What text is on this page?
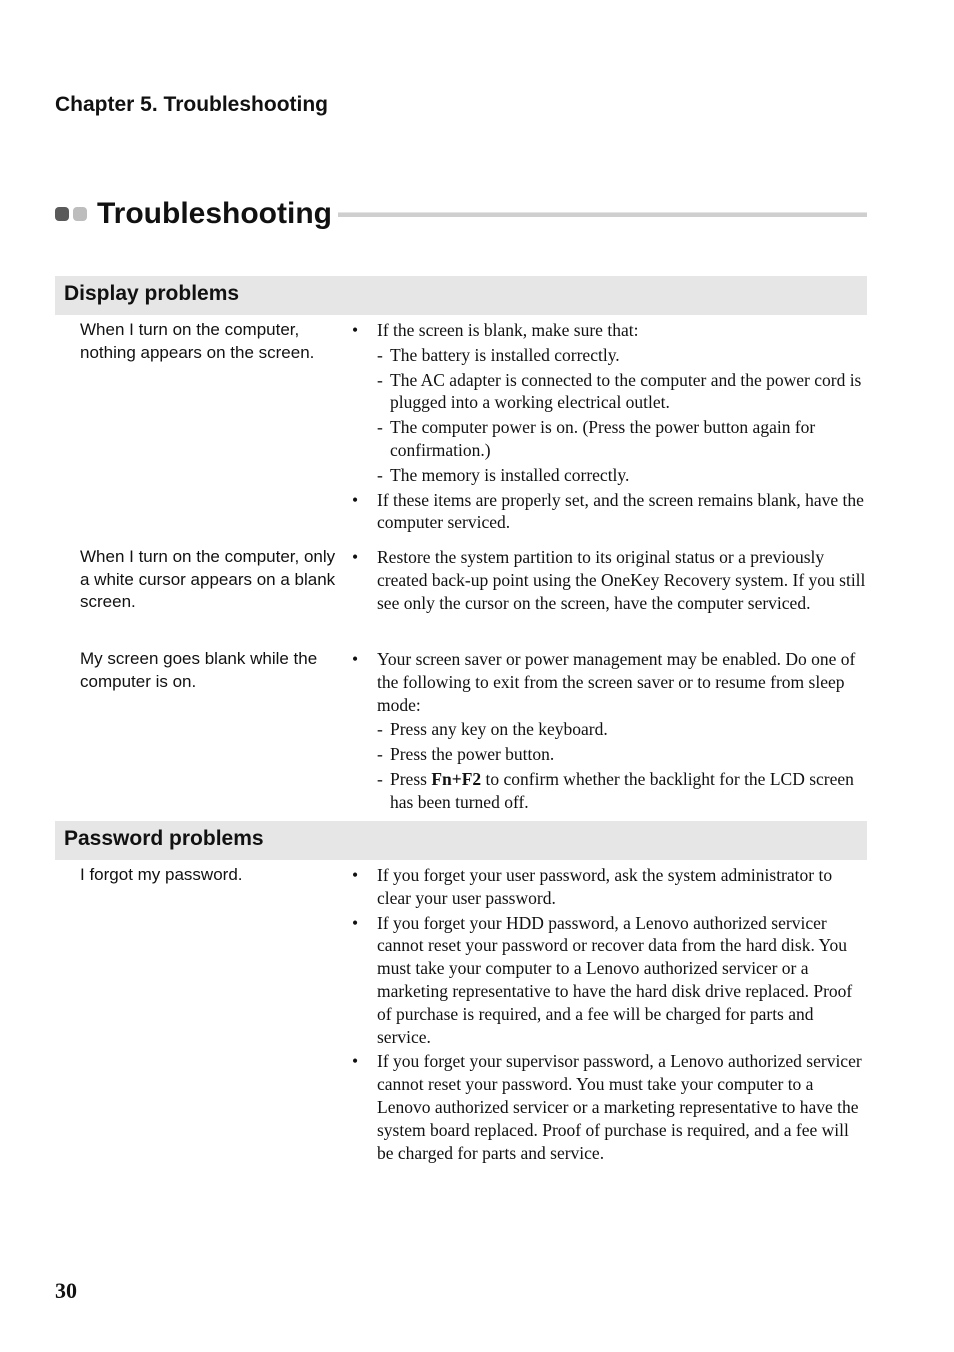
Chapter 5. Troubleshooting
Troubleshooting
Display problems
When I turn on the computer, nothing appears on the screen.
• If the screen is blank, make sure that:
- The battery is installed correctly.
- The AC adapter is connected to the computer and the power cord is plugged into a working electrical outlet.
- The computer power is on. (Press the power button again for confirmation.)
- The memory is installed correctly.
• If these items are properly set, and the screen remains blank, have the computer serviced.
When I turn on the computer, only a white cursor appears on a blank screen.
• Restore the system partition to its original status or a previously created back-up point using the OneKey Recovery system. If you still see only the cursor on the screen, have the computer serviced.
My screen goes blank while the computer is on.
• Your screen saver or power management may be enabled. Do one of the following to exit from the screen saver or to resume from sleep mode:
- Press any key on the keyboard.
- Press the power button.
- Press Fn+F2 to confirm whether the backlight for the LCD screen has been turned off.
Password problems
I forgot my password.	• If you forget your user password, ask the system administrator to clear your user password.
• If you forget your HDD password, a Lenovo authorized servicer cannot reset your password or recover data from the hard disk. You must take your computer to a Lenovo authorized servicer or a marketing representative to have the hard disk drive replaced. Proof of purchase is required, and a fee will be charged for parts and service.
• If you forget your supervisor password, a Lenovo authorized servicer cannot reset your password. You must take your computer to a Lenovo authorized servicer or a marketing representative to have the system board replaced. Proof of purchase is required, and a fee will be charged for parts and service.
30
